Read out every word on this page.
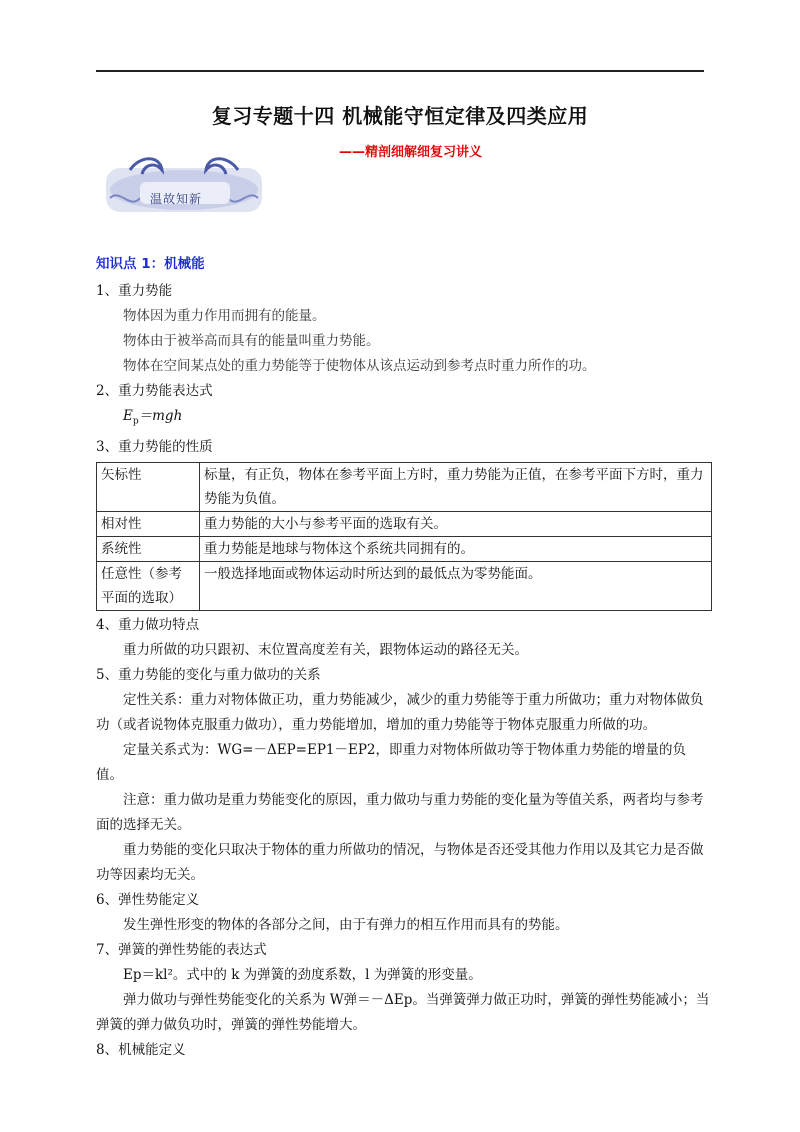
复习专题十四 机械能守恒定律及四类应用
——精剖细解细复习讲义
温故知新
知识点 1：机械能
1、重力势能
物体因为重力作用而拥有的能量。
物体由于被举高而具有的能量叫重力势能。
物体在空间某点处的重力势能等于使物体从该点运动到参考点时重力所作的功。
2、重力势能表达式
$E_p=mgh$
3、重力势能的性质
矢标性	标量，有正负，物体在参考平面上方时，重力势能为正值，在参考平面下方时，重力势能为负值。
相对性	重力势能的大小与参考平面的选取有关。
系统性	重力势能是地球与物体这个系统共同拥有的。
任意性（参考平面的选取）	一般选择地面或物体运动时所达到的最低点为零势能面。
4、重力做功特点
重力所做的功只跟初、末位置高度差有关，跟物体运动的路径无关。
5、重力势能的变化与重力做功的关系
定性关系：重力对物体做正功，重力势能减少，减少的重力势能等于重力所做功；重力对物体做负功（或者说物体克服重力做功），重力势能增加，增加的重力势能等于物体克服重力所做的功。
定量关系式为：WG=－ΔEP=EP1－EP2，即重力对物体所做功等于物体重力势能的增量的负值。
注意：重力做功是重力势能变化的原因，重力做功与重力势能的变化量为等值关系，两者均与参考面的选择无关。
重力势能的变化只取决于物体的重力所做功的情况，与物体是否还受其他力作用以及其它力是否做功等因素均无关。
6、弹性势能定义
发生弹性形变的物体的各部分之间，由于有弹力的相互作用而具有的势能。
7、弹簧的弹性势能的表达式
Ep＝kl²。式中的 k 为弹簧的劲度系数，l 为弹簧的形变量。
弹力做功与弹性势能变化的关系为 W弹＝－ΔEp。当弹簧弹力做正功时，弹簧的弹性势能减小；当弹簧的弹力做负功时，弹簧的弹性势能增大。
8、机械能定义
